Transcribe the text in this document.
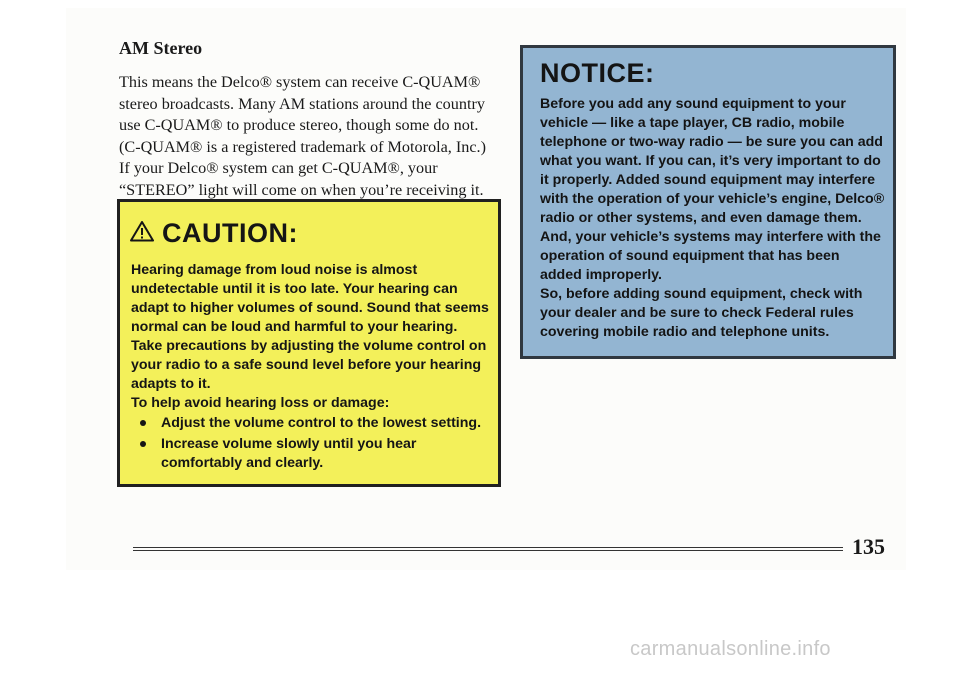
AM Stereo
This means the Delco® system can receive C-QUAM® stereo broadcasts. Many AM stations around the country use C-QUAM® to produce stereo, though some do not. (C-QUAM® is a registered trademark of Motorola, Inc.) If your Delco® system can get C-QUAM®, your “STEREO” light will come on when you’re receiving it.
CAUTION:

Hearing damage from loud noise is almost undetectable until it is too late. Your hearing can adapt to higher volumes of sound. Sound that seems normal can be loud and harmful to your hearing. Take precautions by adjusting the volume control on your radio to a safe sound level before your hearing adapts to it.

To help avoid hearing loss or damage:

Adjust the volume control to the lowest setting.
Increase volume slowly until you hear comfortably and clearly.
NOTICE:

Before you add any sound equipment to your vehicle — like a tape player, CB radio, mobile telephone or two-way radio — be sure you can add what you want. If you can, it’s very important to do it properly. Added sound equipment may interfere with the operation of your vehicle’s engine, Delco® radio or other systems, and even damage them. And, your vehicle’s systems may interfere with the operation of sound equipment that has been added improperly.

So, before adding sound equipment, check with your dealer and be sure to check Federal rules covering mobile radio and telephone units.

135
carmanualsonline.info
